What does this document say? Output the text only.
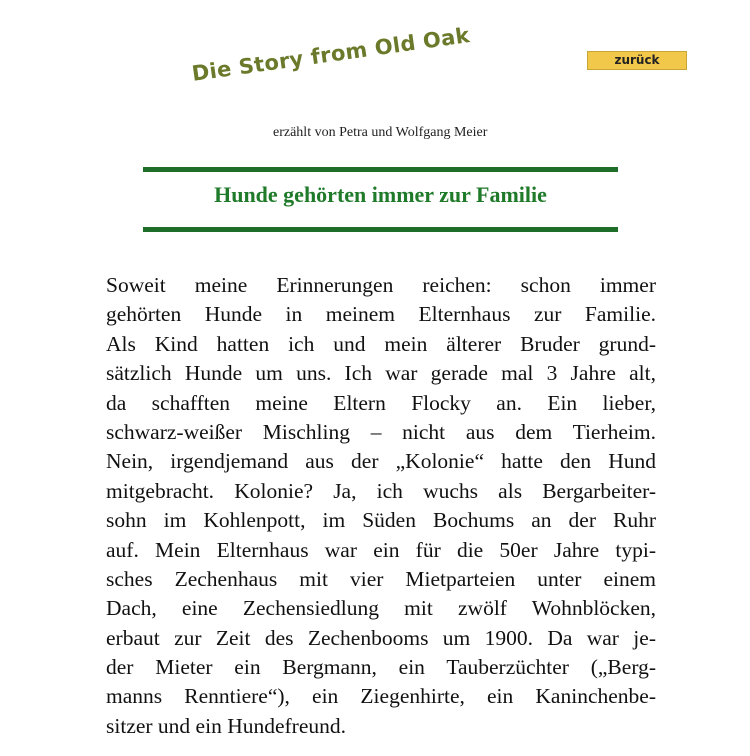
zurück
Die Story from Old Oak
erzählt von Petra und Wolfgang Meier
Hunde gehörten immer zur Familie
Soweit meine Erinnerungen reichen: schon immer
gehörten Hunde in meinem Elternhaus zur Familie.
Als Kind hatten ich und mein älterer Bruder grund-
sätzlich Hunde um uns. Ich war gerade mal 3 Jahre alt,
da schafften meine Eltern Flocky an. Ein lieber,
schwarz-weißer Mischling – nicht aus dem Tierheim.
Nein, irgendjemand aus der „Kolonie“ hatte den Hund
mitgebracht. Kolonie? Ja, ich wuchs als Bergarbeiter-
sohn im Kohlenpott, im Süden Bochums an der Ruhr
auf. Mein Elternhaus war ein für die 50er Jahre typi-
sches Zechenhaus mit vier Mietparteien unter einem
Dach, eine Zechensiedlung mit zwölf Wohnblöcken,
erbaut zur Zeit des Zechenbooms um 1900. Da war je-
der Mieter ein Bergmann, ein Tauberzüchter („Berg-
manns Renntiere“), ein Ziegenhirte, ein Kaninchenbe-
sitzer und ein Hundefreund.
